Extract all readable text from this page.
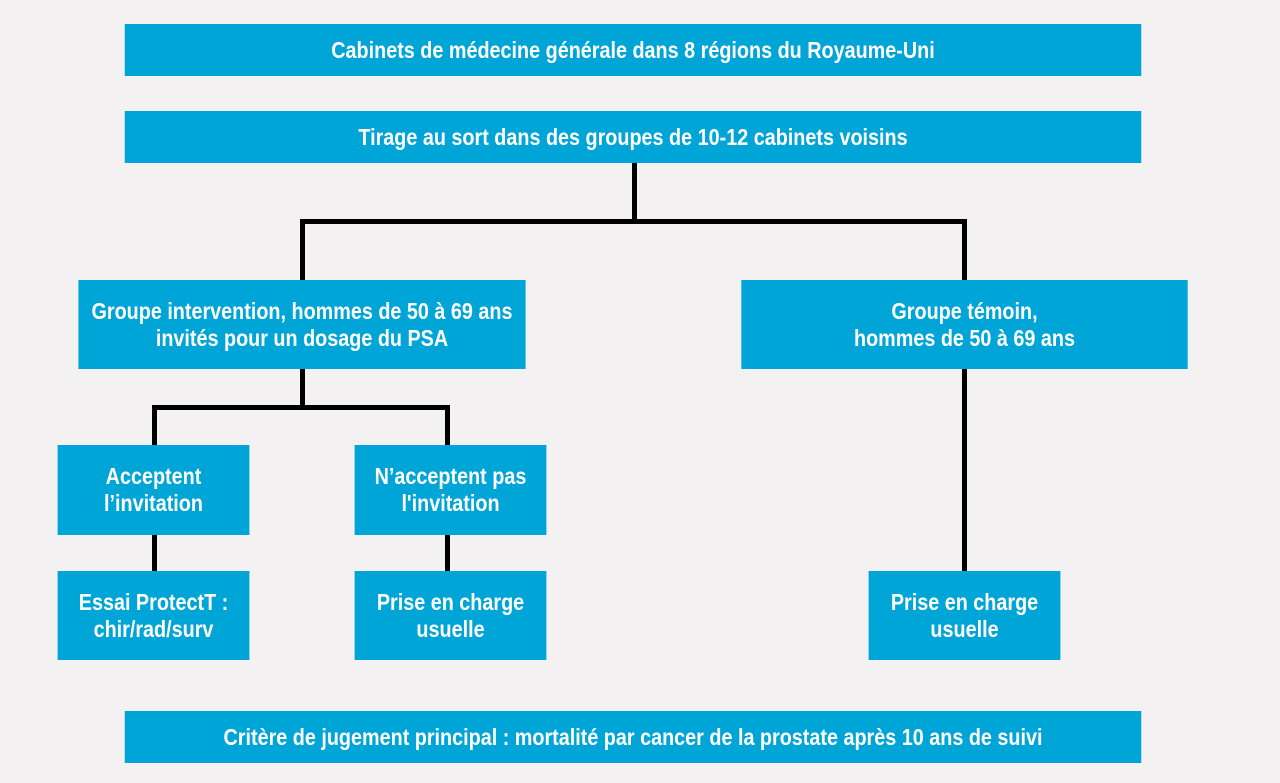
Cabinets de médecine générale dans 8 régions du Royaume-Uni
Tirage au sort dans des groupes de 10-12 cabinets voisins
Groupe intervention, hommes de 50 à 69 ans
invités pour un dosage du PSA
Groupe témoin,
hommes de 50 à 69 ans
Acceptent
l’invitation
N’acceptent pas
l'invitation
Essai ProtectT :
chir/rad/surv
Prise en charge
usuelle
Prise en charge
usuelle
Critère de jugement principal : mortalité par cancer de la prostate après 10 ans de suivi
